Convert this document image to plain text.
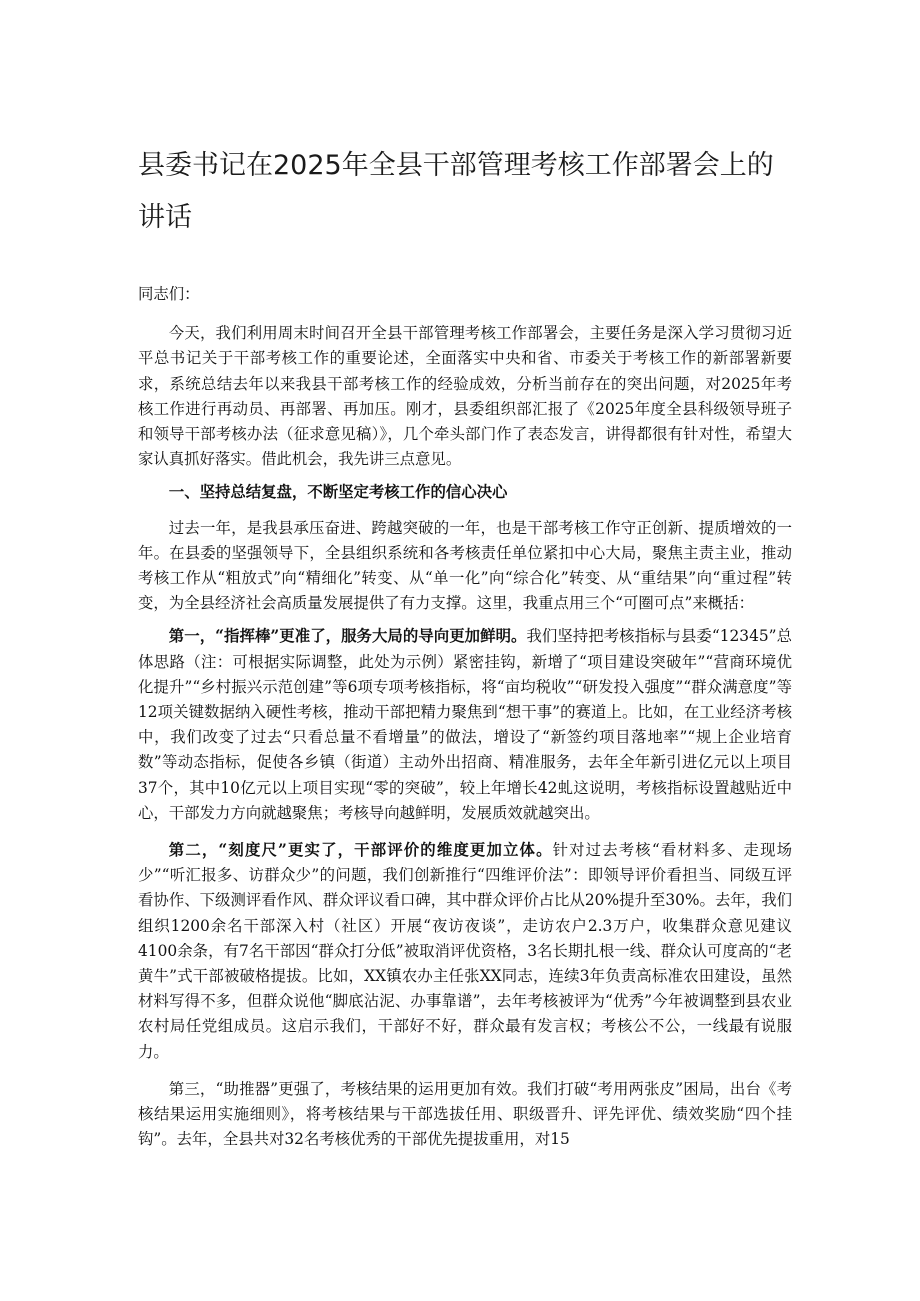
县委书记在2025年全县干部管理考核工作部署会上的讲话

同志们：

今天，我们利用周末时间召开全县干部管理考核工作部署会，主要任务是深入学习贯彻习近平总书记关于干部考核工作的重要论述，全面落实中央和省、市委关于考核工作的新部署新要求，系统总结去年以来我县干部考核工作的经验成效，分析当前存在的突出问题，对2025年考核工作进行再动员、再部署、再加压。刚才，县委组织部汇报了《2025年度全县科级领导班子和领导干部考核办法（征求意见稿）》，几个牵头部门作了表态发言，讲得都很有针对性，希望大家认真抓好落实。借此机会，我先讲三点意见。

一、坚持总结复盘，不断坚定考核工作的信心决心

过去一年，是我县承压奋进、跨越突破的一年，也是干部考核工作守正创新、提质增效的一年。在县委的坚强领导下，全县组织系统和各考核责任单位紧扣中心大局，聚焦主责主业，推动考核工作从“粗放式”向“精细化”转变、从“单一化”向“综合化”转变、从“重结果”向“重过程”转变，为全县经济社会高质量发展提供了有力支撑。这里，我重点用三个“可圈可点”来概括：

第一，“指挥棒”更准了，服务大局的导向更加鲜明。我们坚持把考核指标与县委“12345”总体思路（注：可根据实际调整，此处为示例）紧密挂钩，新增了“项目建设突破年”“营商环境优化提升”“乡村振兴示范创建”等6项专项考核指标，将“亩均税收”“研发投入强度”“群众满意度”等12项关键数据纳入硬性考核，推动干部把精力聚焦到“想干事”的赛道上。比如，在工业经济考核中，我们改变了过去“只看总量不看增量”的做法，增设了“新签约项目落地率”“规上企业培育数”等动态指标，促使各乡镇（街道）主动外出招商、精准服务，去年全年新引进亿元以上项目37个，其中10亿元以上项目实现“零的突破”，较上年增长42虬这说明，考核指标设置越贴近中心，干部发力方向就越聚焦；考核导向越鲜明，发展质效就越突出。

第二，“刻度尺”更实了，干部评价的维度更加立体。针对过去考核“看材料多、走现场少”“听汇报多、访群众少”的问题，我们创新推行“四维评价法”：即领导评价看担当、同级互评看协作、下级测评看作风、群众评议看口碑，其中群众评价占比从20%提升至30%。去年，我们组织1200余名干部深入村（社区）开展“夜访夜谈”，走访农户2.3万户，收集群众意见建议4100余条，有7名干部因“群众打分低”被取消评优资格，3名长期扎根一线、群众认可度高的“老黄牛”式干部被破格提拔。比如，XX镇农办主任张XX同志，连续3年负责高标准农田建设，虽然材料写得不多，但群众说他“脚底沾泥、办事靠谱”，去年考核被评为“优秀”今年被调整到县农业农村局任党组成员。这启示我们，干部好不好，群众最有发言权；考核公不公，一线最有说服力。

第三，“助推器”更强了，考核结果的运用更加有效。我们打破“考用两张皮”困局，出台《考核结果运用实施细则》，将考核结果与干部选拔任用、职级晋升、评先评优、绩效奖励“四个挂钩”。去年，全县共对32名考核优秀的干部优先提拔重用，对15
